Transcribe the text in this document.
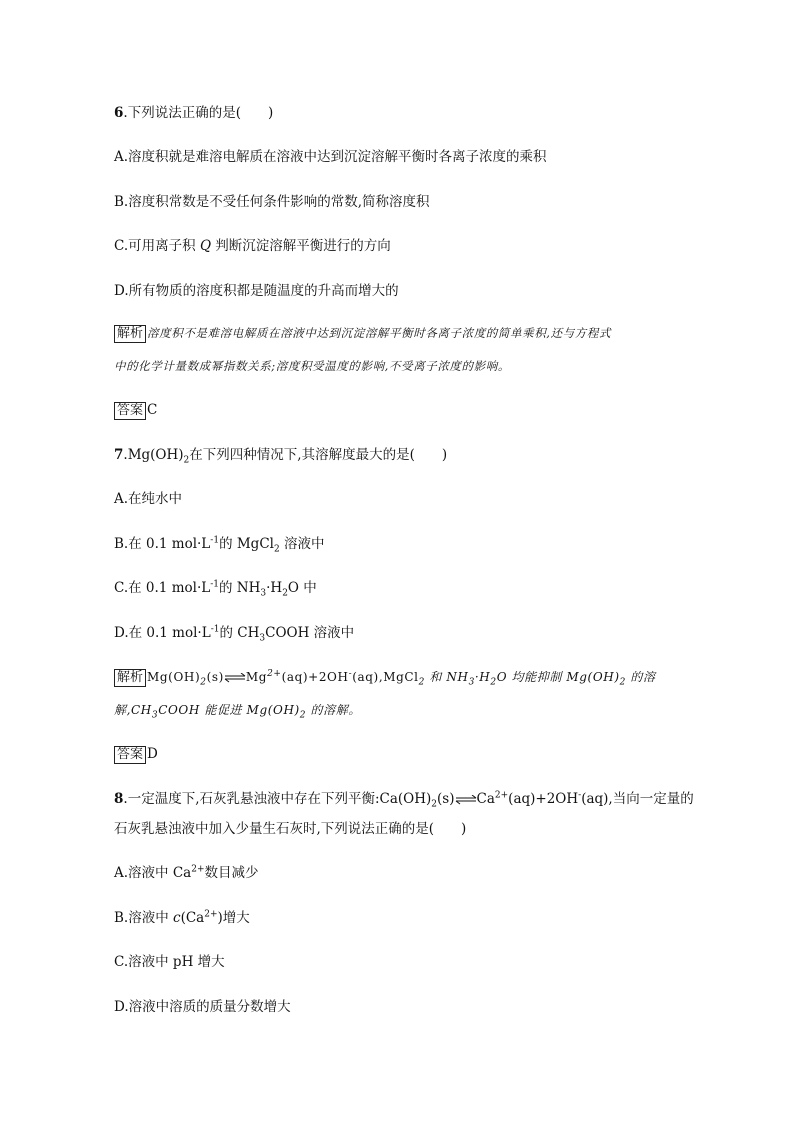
6.下列说法正确的是(　　)
A.溶度积就是难溶电解质在溶液中达到沉淀溶解平衡时各离子浓度的乘积
B.溶度积常数是不受任何条件影响的常数,简称溶度积
C.可用离子积 Q 判断沉淀溶解平衡进行的方向
D.所有物质的溶度积都是随温度的升高而增大的
解析 溶度积不是难溶电解质在溶液中达到沉淀溶解平衡时各离子浓度的简单乘积,还与方程式
中的化学计量数成幂指数关系;溶度积受温度的影响,不受离子浓度的影响。
答案 C
$7.Mg(OH)_2$在下列四种情况下,其溶解度最大的是(　　)
A.在纯水中
B.在 0.1 $mol\cdot L^{-1}$的 MgCl$_2$ 溶液中
C.在 0.1 $mol\cdot L^{-1}$的 $NH_3\cdot H_2O$ 中
D.在 0.1 $mol\cdot L^{-1}$的 $CH_3COOH$ 溶液中
解析 $Mg(OH)_2(s)\rightleftharpoons Mg^{2+}(aq)+2OH^-(aq),MgCl_2$ 和 $NH_3\cdot H_2O$ 均能抑制 $Mg(OH)_2$ 的溶
解$,CH_3COOH$ 能促进 $Mg(OH)_2$ 的溶解。
答案 D
8.一定温度下,石灰乳悬浊液中存在下列平衡$:Ca(OH)_2(s)\rightleftharpoons Ca^{2+}(aq)+2OH^-(aq)$,当向一定量的
石灰乳悬浊液中加入少量生石灰时,下列说法正确的是(　　)
A.溶液中 $Ca^{2+}$数目减少
B.溶液中 $c(Ca^{2+})$增大
C.溶液中 pH 增大
D.溶液中溶质的质量分数增大
